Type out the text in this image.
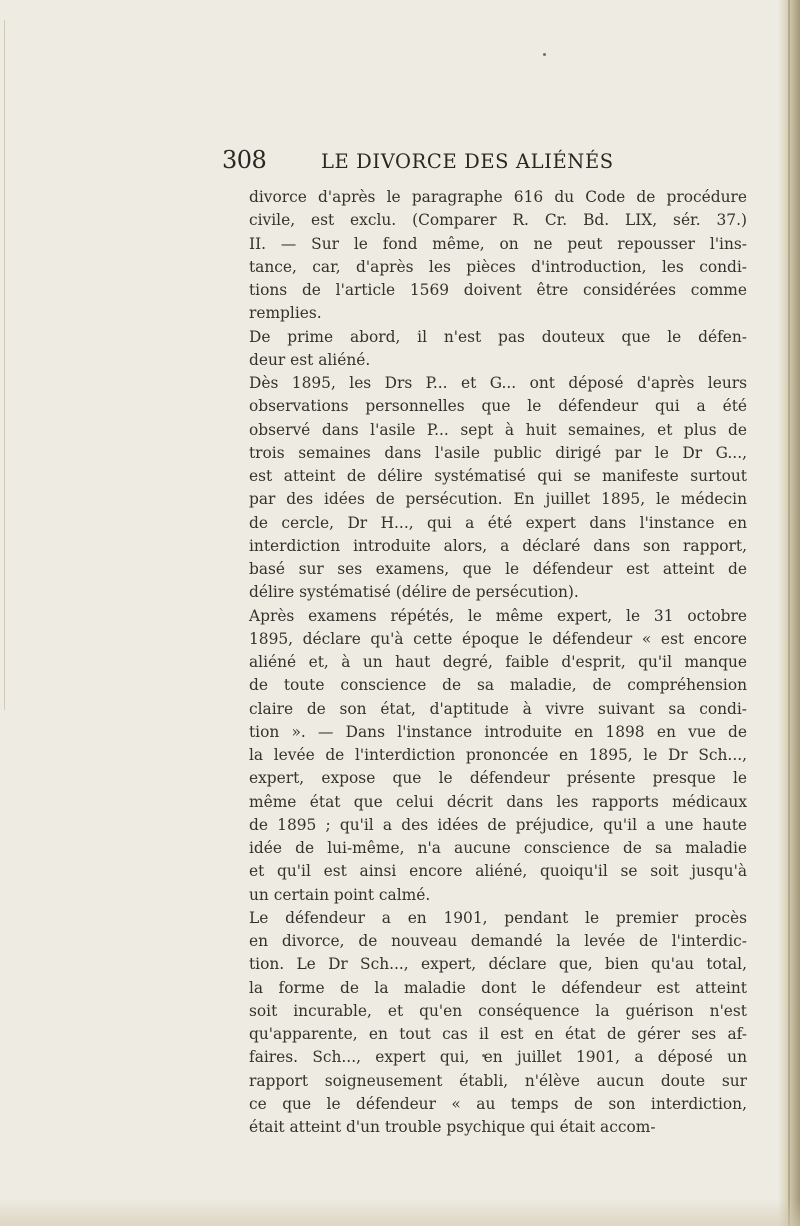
308	LE DIVORCE DES ALIÉNÉS
divorce d'après le paragraphe 616 du Code de procédure
civile, est exclu. (Comparer R. Cr. Bd. LIX, sér. 37.)
II. — Sur le fond même, on ne peut repousser l'ins-
tance, car, d'après les pièces d'introduction, les condi-
tions de l'article 1569 doivent être considérées comme
remplies.
De prime abord, il n'est pas douteux que le défen-
deur est aliéné.
Dès 1895, les Drs P... et G... ont déposé d'après leurs
observations personnelles que le défendeur qui a été
observé dans l'asile P... sept à huit semaines, et plus de
trois semaines dans l'asile public dirigé par le Dr G...,
est atteint de délire systématisé qui se manifeste surtout
par des idées de persécution. En juillet 1895, le médecin
de cercle, Dr H..., qui a été expert dans l'instance en
interdiction introduite alors, a déclaré dans son rapport,
basé sur ses examens, que le défendeur est atteint de
délire systématisé (délire de persécution).
Après examens répétés, le même expert, le 31 octobre
1895, déclare qu'à cette époque le défendeur « est encore
aliéné et, à un haut degré, faible d'esprit, qu'il manque
de toute conscience de sa maladie, de compréhension
claire de son état, d'aptitude à vivre suivant sa condi-
tion ». — Dans l'instance introduite en 1898 en vue de
la levée de l'interdiction prononcée en 1895, le Dr Sch...,
expert, expose que le défendeur présente presque le
même état que celui décrit dans les rapports médicaux
de 1895 ; qu'il a des idées de préjudice, qu'il a une haute
idée de lui-même, n'a aucune conscience de sa maladie
et qu'il est ainsi encore aliéné, quoiqu'il se soit jusqu'à
un certain point calmé.
Le défendeur a en 1901, pendant le premier procès
en divorce, de nouveau demandé la levée de l'interdic-
tion. Le Dr Sch..., expert, déclare que, bien qu'au total,
la forme de la maladie dont le défendeur est atteint
soit incurable, et qu'en conséquence la guérison n'est
qu'apparente, en tout cas il est en état de gérer ses af-
faires. Sch..., expert qui, en juillet 1901, a déposé un
rapport soigneusement établi, n'élève aucun doute sur
ce que le défendeur « au temps de son interdiction,
était atteint d'un trouble psychique qui était accom-
